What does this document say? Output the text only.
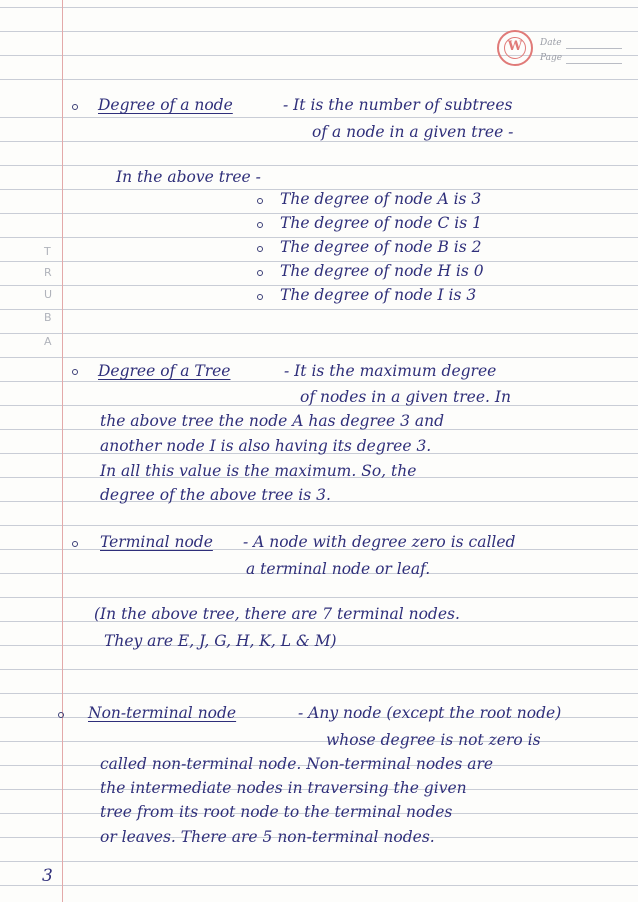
W	Date
Page
T
R
U
B
A
Degree of a node	- It is the number of subtrees
of a node in a given tree -
In the above tree -
The degree of node A is 3
The degree of node C is 1
The degree of node B is 2
The degree of node H is 0
The degree of node I is 3
Degree of a Tree	- It is the maximum degree
of nodes in a given tree. In
the above tree the node A has degree 3 and
another node I is also having its degree 3.
In all this value is the maximum. So, the
degree of the above tree is 3.
Terminal node - A node with degree zero is called
a terminal node or leaf.
(In the above tree, there are 7 terminal nodes.
They are E, J, G, H, K, L & M)
Non-terminal node	- Any node (except the root node)
whose degree is not zero is
called non-terminal node. Non-terminal nodes are
the intermediate nodes in traversing the given
tree from its root node to the terminal nodes
or leaves. There are 5 non-terminal nodes.
3
